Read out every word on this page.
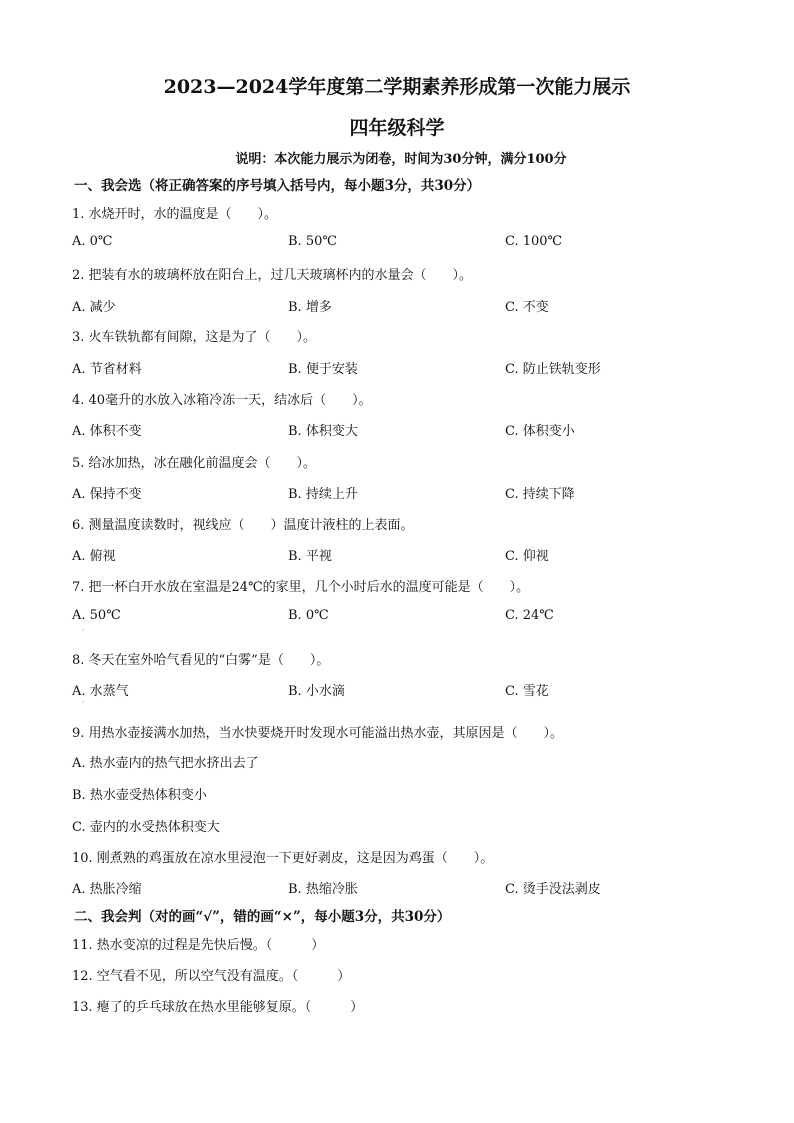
2023—2024学年度第二学期素养形成第一次能力展示
四年级科学
说明：本次能力展示为闭卷，时间为30分钟，满分100分
一、我会选（将正确答案的序号填入括号内，每小题3分，共30分）
1. 水烧开时，水的温度是（　　）。
A. 0℃	B. 50℃	C. 100℃
2. 把装有水的玻璃杯放在阳台上，过几天玻璃杯内的水量会（　　）。
A. 减少	B. 增多	C. 不变
3. 火车铁轨都有间隙，这是为了（　　）。
A. 节省材料	B. 便于安装	C. 防止铁轨变形
4. 40毫升的水放入冰箱冷冻一天，结冰后（　　）。
A. 体积不变	B. 体积变大	C. 体积变小
5. 给冰加热，冰在融化前温度会（　　）。
A. 保持不变	B. 持续上升	C. 持续下降
6. 测量温度读数时，视线应（　　）温度计液柱的上表面。
A. 俯视	B. 平视	C. 仰视
7. 把一杯白开水放在室温是24℃的家里，几个小时后水的温度可能是（　　）。
A. 50℃	B. 0℃	C. 24℃
·
8. 冬天在室外哈气看见的“白雾”是（　　）。
A. 水蒸气	B. 小水滴	C. 雪花
·
9. 用热水壶接满水加热，当水快要烧开时发现水可能溢出热水壶，其原因是（　　）。
A. 热水壶内的热气把水挤出去了
B. 热水壶受热体积变小
C. 壶内的水受热体积变大
10. 刚煮熟的鸡蛋放在凉水里浸泡一下更好剥皮，这是因为鸡蛋（　　）。
A. 热胀冷缩	B. 热缩冷胀	C. 烫手没法剥皮
二、我会判（对的画“√”，错的画“×”，每小题3分，共30分）
11. 热水变凉的过程是先快后慢。（　　　）
12. 空气看不见，所以空气没有温度。（　　　）
13. 瘪了的乒乓球放在热水里能够复原。（　　　）
